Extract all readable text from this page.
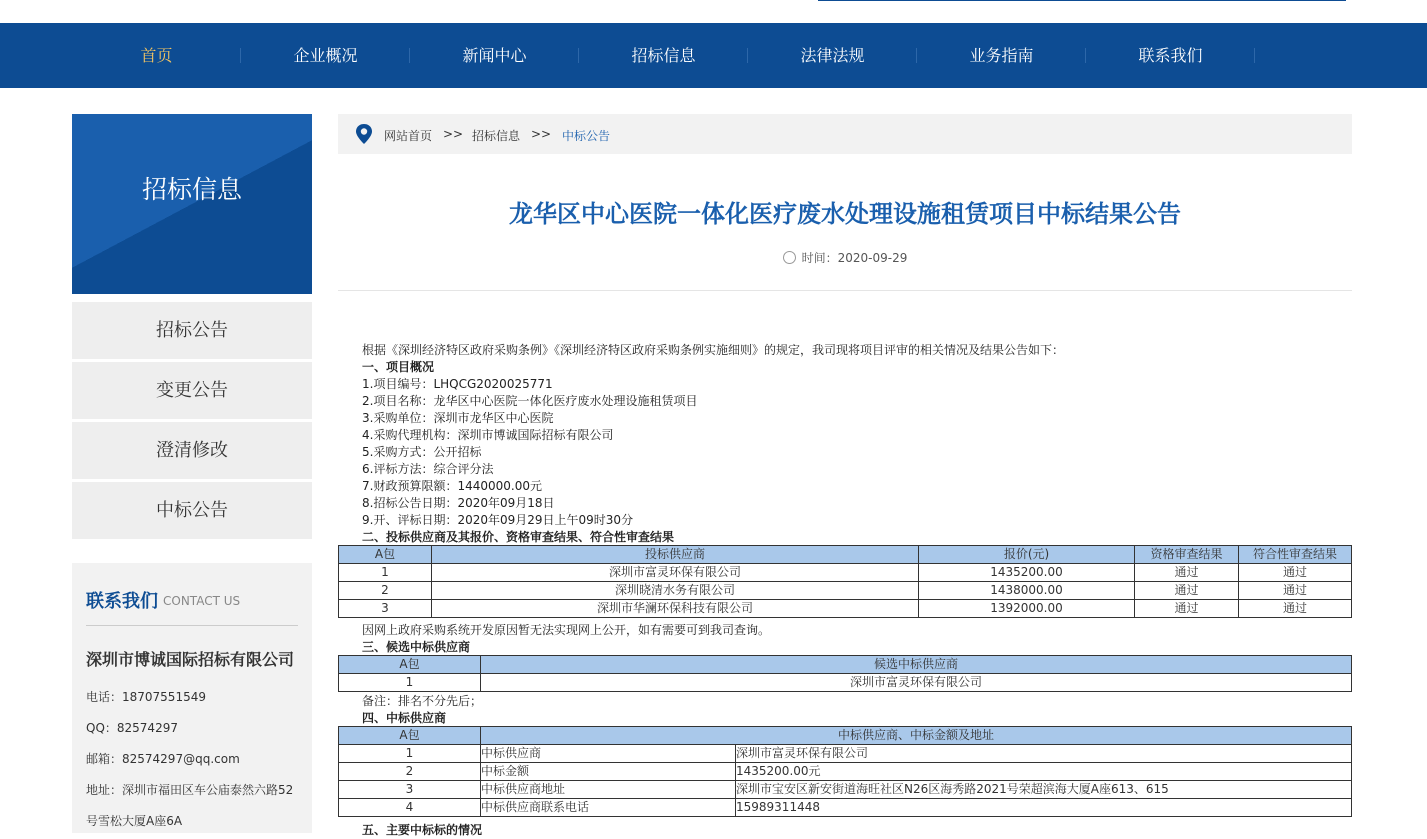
首页	企业概况	新闻中心	招标信息	法律法规	业务指南	联系我们
招标信息
招标公告
变更公告
澄清修改
中标公告
联系我们 CONTACT US
深圳市博诚国际招标有限公司
电话：18707551549
QQ：82574297
邮箱：82574297@qq.com
地址：深圳市福田区车公庙泰然六路52
号雪松大厦A座6A
网站首页 >> 招标信息 >> 中标公告
龙华区中心医院一体化医疗废水处理设施租赁项目中标结果公告
时间：2020-09-29
根据《深圳经济特区政府采购条例》《深圳经济特区政府采购条例实施细则》的规定，我司现将项目评审的相关情况及结果公告如下：
一、项目概况
1.项目编号：LHQCG2020025771
2.项目名称：龙华区中心医院一体化医疗废水处理设施租赁项目
3.采购单位：深圳市龙华区中心医院
4.采购代理机构：深圳市博诚国际招标有限公司
5.采购方式：公开招标
6.评标方法：综合评分法
7.财政预算限额：1440000.00元
8.招标公告日期：2020年09月18日
9.开、评标日期：2020年09月29日上午09时30分
二、投标供应商及其报价、资格审查结果、符合性审查结果
A包	投标供应商	报价(元)	资格审查结果	符合性审查结果
1	深圳市富灵环保有限公司	1435200.00	通过	通过
2	深圳晓清水务有限公司	1438000.00	通过	通过
3	深圳市华澜环保科技有限公司	1392000.00	通过	通过
因网上政府采购系统开发原因暂无法实现网上公开，如有需要可到我司查询。
三、候选中标供应商
A包	候选中标供应商
1	深圳市富灵环保有限公司
备注：排名不分先后；
四、中标供应商
A包	中标供应商、中标金额及地址	
1	中标供应商	深圳市富灵环保有限公司
2	中标金额	1435200.00元
3	中标供应商地址	深圳市宝安区新安街道海旺社区N26区海秀路2021号荣超滨海大厦A座613、615
4	中标供应商联系电话	15989311448
五、主要中标标的情况
